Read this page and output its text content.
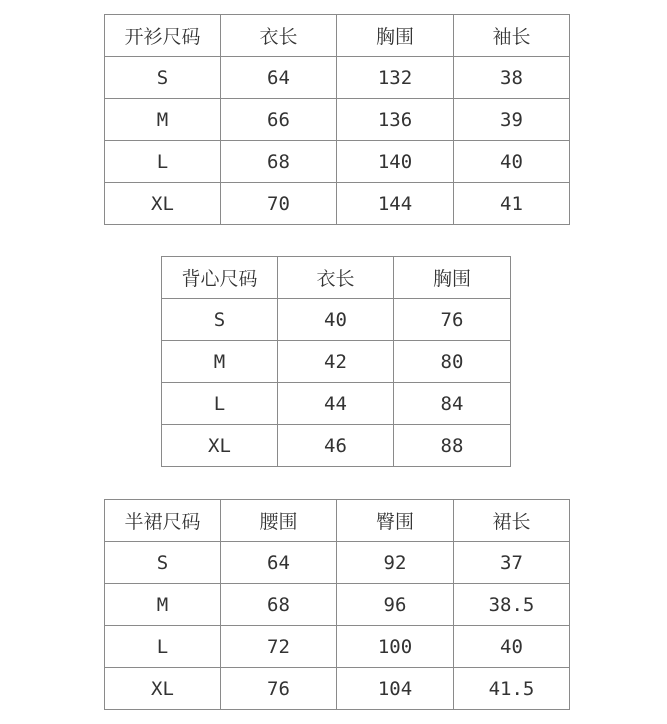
开衫尺码	衣长	胸围	袖长
S	64	132	38
M	66	136	39
L	68	140	40
XL	70	144	41
背心尺码	衣长	胸围
S	40	76
M	42	80
L	44	84
XL	46	88
半裙尺码	腰围	臀围	裙长
S	64	92	37
M	68	96	38.5
L	72	100	40
XL	76	104	41.5
